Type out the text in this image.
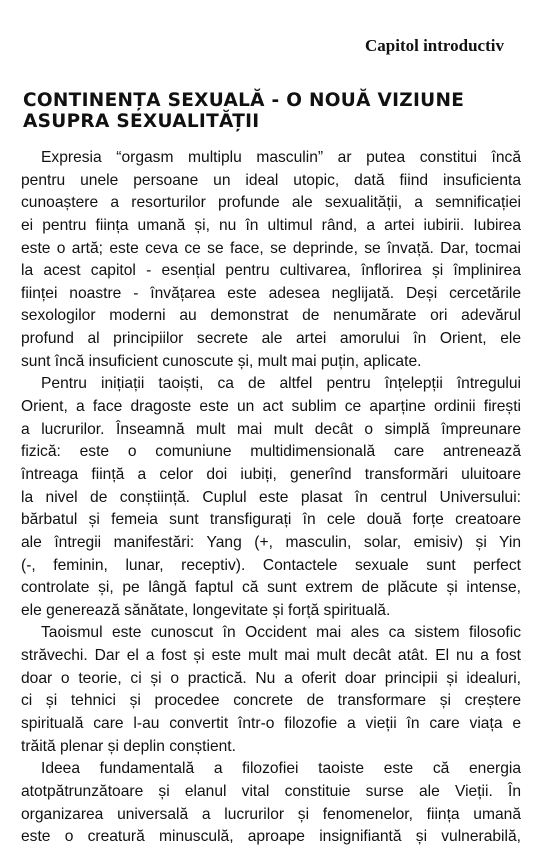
Capitol introductiv
CONTINENȚA SEXUALĂ - O NOUĂ VIZIUNE
ASUPRA SEXUALITĂȚII

Expresia “orgasm multiplu masculin” ar putea constitui încă
pentru unele persoane un ideal utopic, dată fiind insuficienta
cunoaștere a resorturilor profunde ale sexualității, a semnificației
ei pentru ființa umană și, nu în ultimul rând, a artei iubirii. Iubirea
este o artă; este ceva ce se face, se deprinde, se învață. Dar, tocmai
la acest capitol - esențial pentru cultivarea, înflorirea și împlinirea
ființei noastre - învățarea este adesea neglijată. Deși cercetările
sexologilor moderni au demonstrat de nenumărate ori adevărul
profund al principiilor secrete ale artei amorului în Orient, ele
sunt încă insuficient cunoscute și, mult mai puțin, aplicate.

Pentru inițiații taoiști, ca de altfel pentru înțelepții întregului
Orient, a face dragoste este un act sublim ce aparține ordinii firești
a lucrurilor. Înseamnă mult mai mult decât o simplă împreunare
fizică: este o comuniune multidimensională care antrenează
întreaga ființă a celor doi iubiți, generînd transformări uluitoare
la nivel de conștiință. Cuplul este plasat în centrul Universului:
bărbatul și femeia sunt transfigurați în cele două forțe creatoare
ale întregii manifestări: Yang (+, masculin, solar, emisiv) și Yin
(-, feminin, lunar, receptiv). Contactele sexuale sunt perfect
controlate și, pe lângă faptul că sunt extrem de plăcute și intense,
ele generează sănătate, longevitate și forță spirituală.

Taoismul este cunoscut în Occident mai ales ca sistem filosofic
străvechi. Dar el a fost și este mult mai mult decât atât. El nu a fost
doar o teorie, ci și o practică. Nu a oferit doar principii și idealuri,
ci și tehnici și procedee concrete de transformare și creștere
spirituală care l-au convertit într-o filozofie a vieții în care viața e
trăită plenar și deplin conștient.

Ideea fundamentală a filozofiei taoiste este că energia
atotpătrunzătoare și elanul vital constituie surse ale Vieții. În
organizarea universală a lucrurilor și fenomenelor, ființa umană
este o creatură minusculă, aproape insignifiantă și vulnerabilă,
